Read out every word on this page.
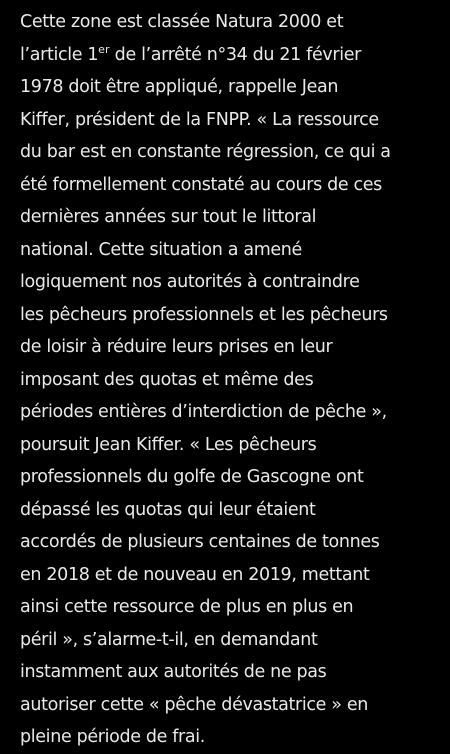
Cette zone est classée Natura 2000 et
l’article 1er de l’arrêté n°34 du 21 février
1978 doit être appliqué, rappelle Jean
Kiffer, président de la FNPP. « La ressource
du bar est en constante régression, ce qui a
été formellement constaté au cours de ces
dernières années sur tout le littoral
national. Cette situation a amené
logiquement nos autorités à contraindre
les pêcheurs professionnels et les pêcheurs
de loisir à réduire leurs prises en leur
imposant des quotas et même des
périodes entières d’interdiction de pêche »,
poursuit Jean Kiffer. « Les pêcheurs
professionnels du golfe de Gascogne ont
dépassé les quotas qui leur étaient
accordés de plusieurs centaines de tonnes
en 2018 et de nouveau en 2019, mettant
ainsi cette ressource de plus en plus en
péril », s’alarme-t-il, en demandant
instamment aux autorités de ne pas
autoriser cette « pêche dévastatrice » en
pleine période de frai.
